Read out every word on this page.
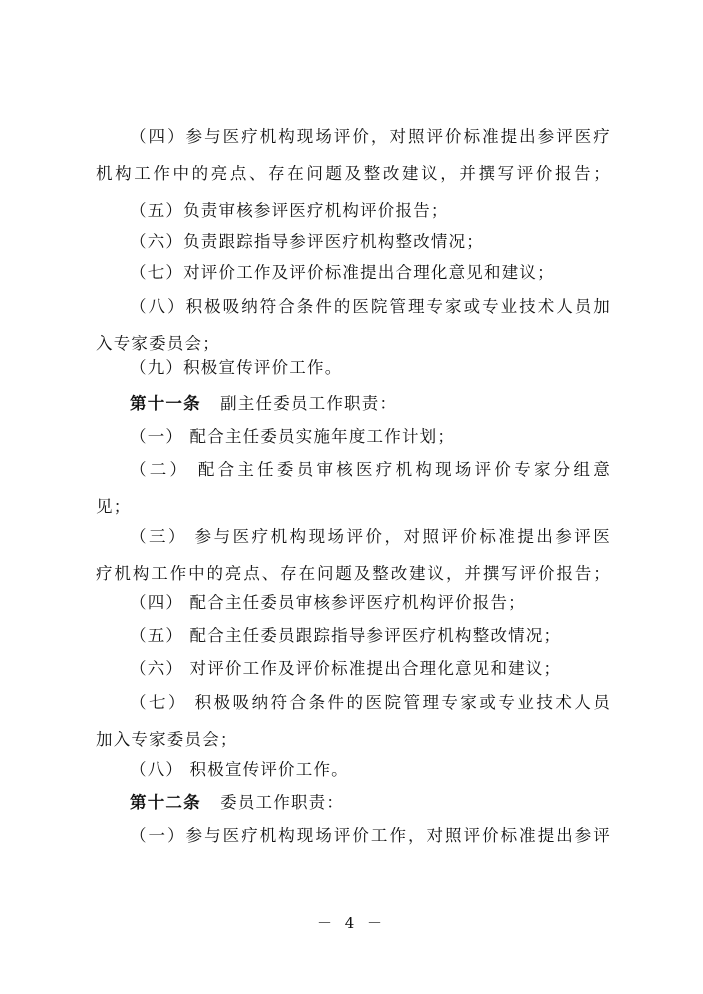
（四）参与医疗机构现场评价，对照评价标准提出参评医疗
机构工作中的亮点、存在问题及整改建议，并撰写评价报告；
（五）负责审核参评医疗机构评价报告；
（六）负责跟踪指导参评医疗机构整改情况；
（七）对评价工作及评价标准提出合理化意见和建议；
（八）积极吸纳符合条件的医院管理专家或专业技术人员加
入专家委员会；
（九）积极宣传评价工作。
第十一条 副主任委员工作职责：
（一） 配合主任委员实施年度工作计划；
（二） 配合主任委员审核医疗机构现场评价专家分组意
见；
（三） 参与医疗机构现场评价，对照评价标准提出参评医
疗机构工作中的亮点、存在问题及整改建议，并撰写评价报告；
（四） 配合主任委员审核参评医疗机构评价报告；
（五） 配合主任委员跟踪指导参评医疗机构整改情况；
（六） 对评价工作及评价标准提出合理化意见和建议；
（七） 积极吸纳符合条件的医院管理专家或专业技术人员
加入专家委员会；
（八） 积极宣传评价工作。
第十二条 委员工作职责：
（一）参与医疗机构现场评价工作，对照评价标准提出参评
－ 4 －
